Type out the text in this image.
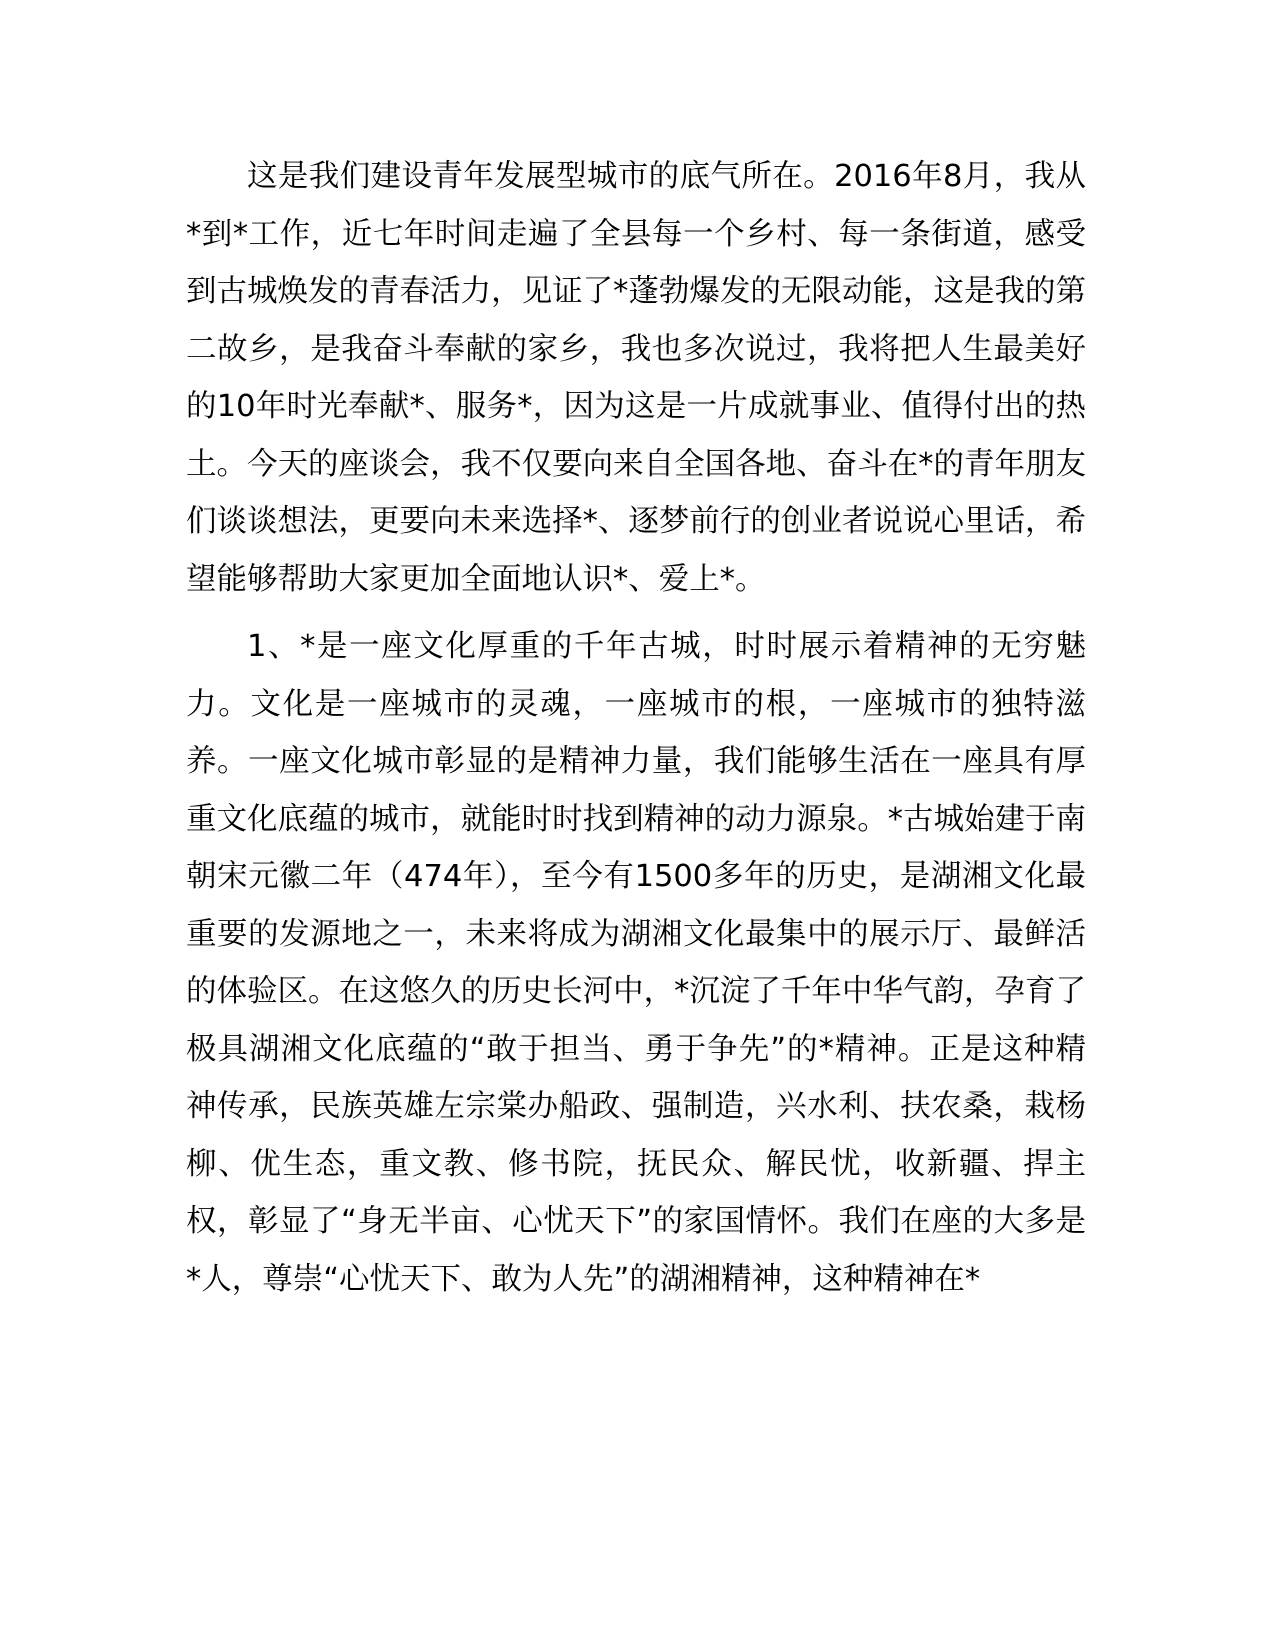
这是我们建设青年发展型城市的底气所在。2016年8月，我从*到*工作，近七年时间走遍了全县每一个乡村、每一条街道，感受到古城焕发的青春活力，见证了*蓬勃爆发的无限动能，这是我的第二故乡，是我奋斗奉献的家乡，我也多次说过，我将把人生最美好的10年时光奉献*、服务*，因为这是一片成就事业、值得付出的热土。今天的座谈会，我不仅要向来自全国各地、奋斗在*的青年朋友们谈谈想法，更要向未来选择*、逐梦前行的创业者说说心里话，希望能够帮助大家更加全面地认识*、爱上*。

1、*是一座文化厚重的千年古城，时时展示着精神的无穷魅力。文化是一座城市的灵魂，一座城市的根，一座城市的独特滋养。一座文化城市彰显的是精神力量，我们能够生活在一座具有厚重文化底蕴的城市，就能时时找到精神的动力源泉。*古城始建于南朝宋元徽二年（474年），至今有1500多年的历史，是湖湘文化最重要的发源地之一，未来将成为湖湘文化最集中的展示厅、最鲜活的体验区。在这悠久的历史长河中，*沉淀了千年中华气韵，孕育了极具湖湘文化底蕴的“敢于担当、勇于争先”的*精神。正是这种精神传承，民族英雄左宗棠办船政、强制造，兴水利、扶农桑，栽杨柳、优生态，重文教、修书院，抚民众、解民忧，收新疆、捍主权，彰显了“身无半亩、心忧天下”的家国情怀。我们在座的大多是*人，尊崇“心忧天下、敢为人先”的湖湘精神，这种精神在*
